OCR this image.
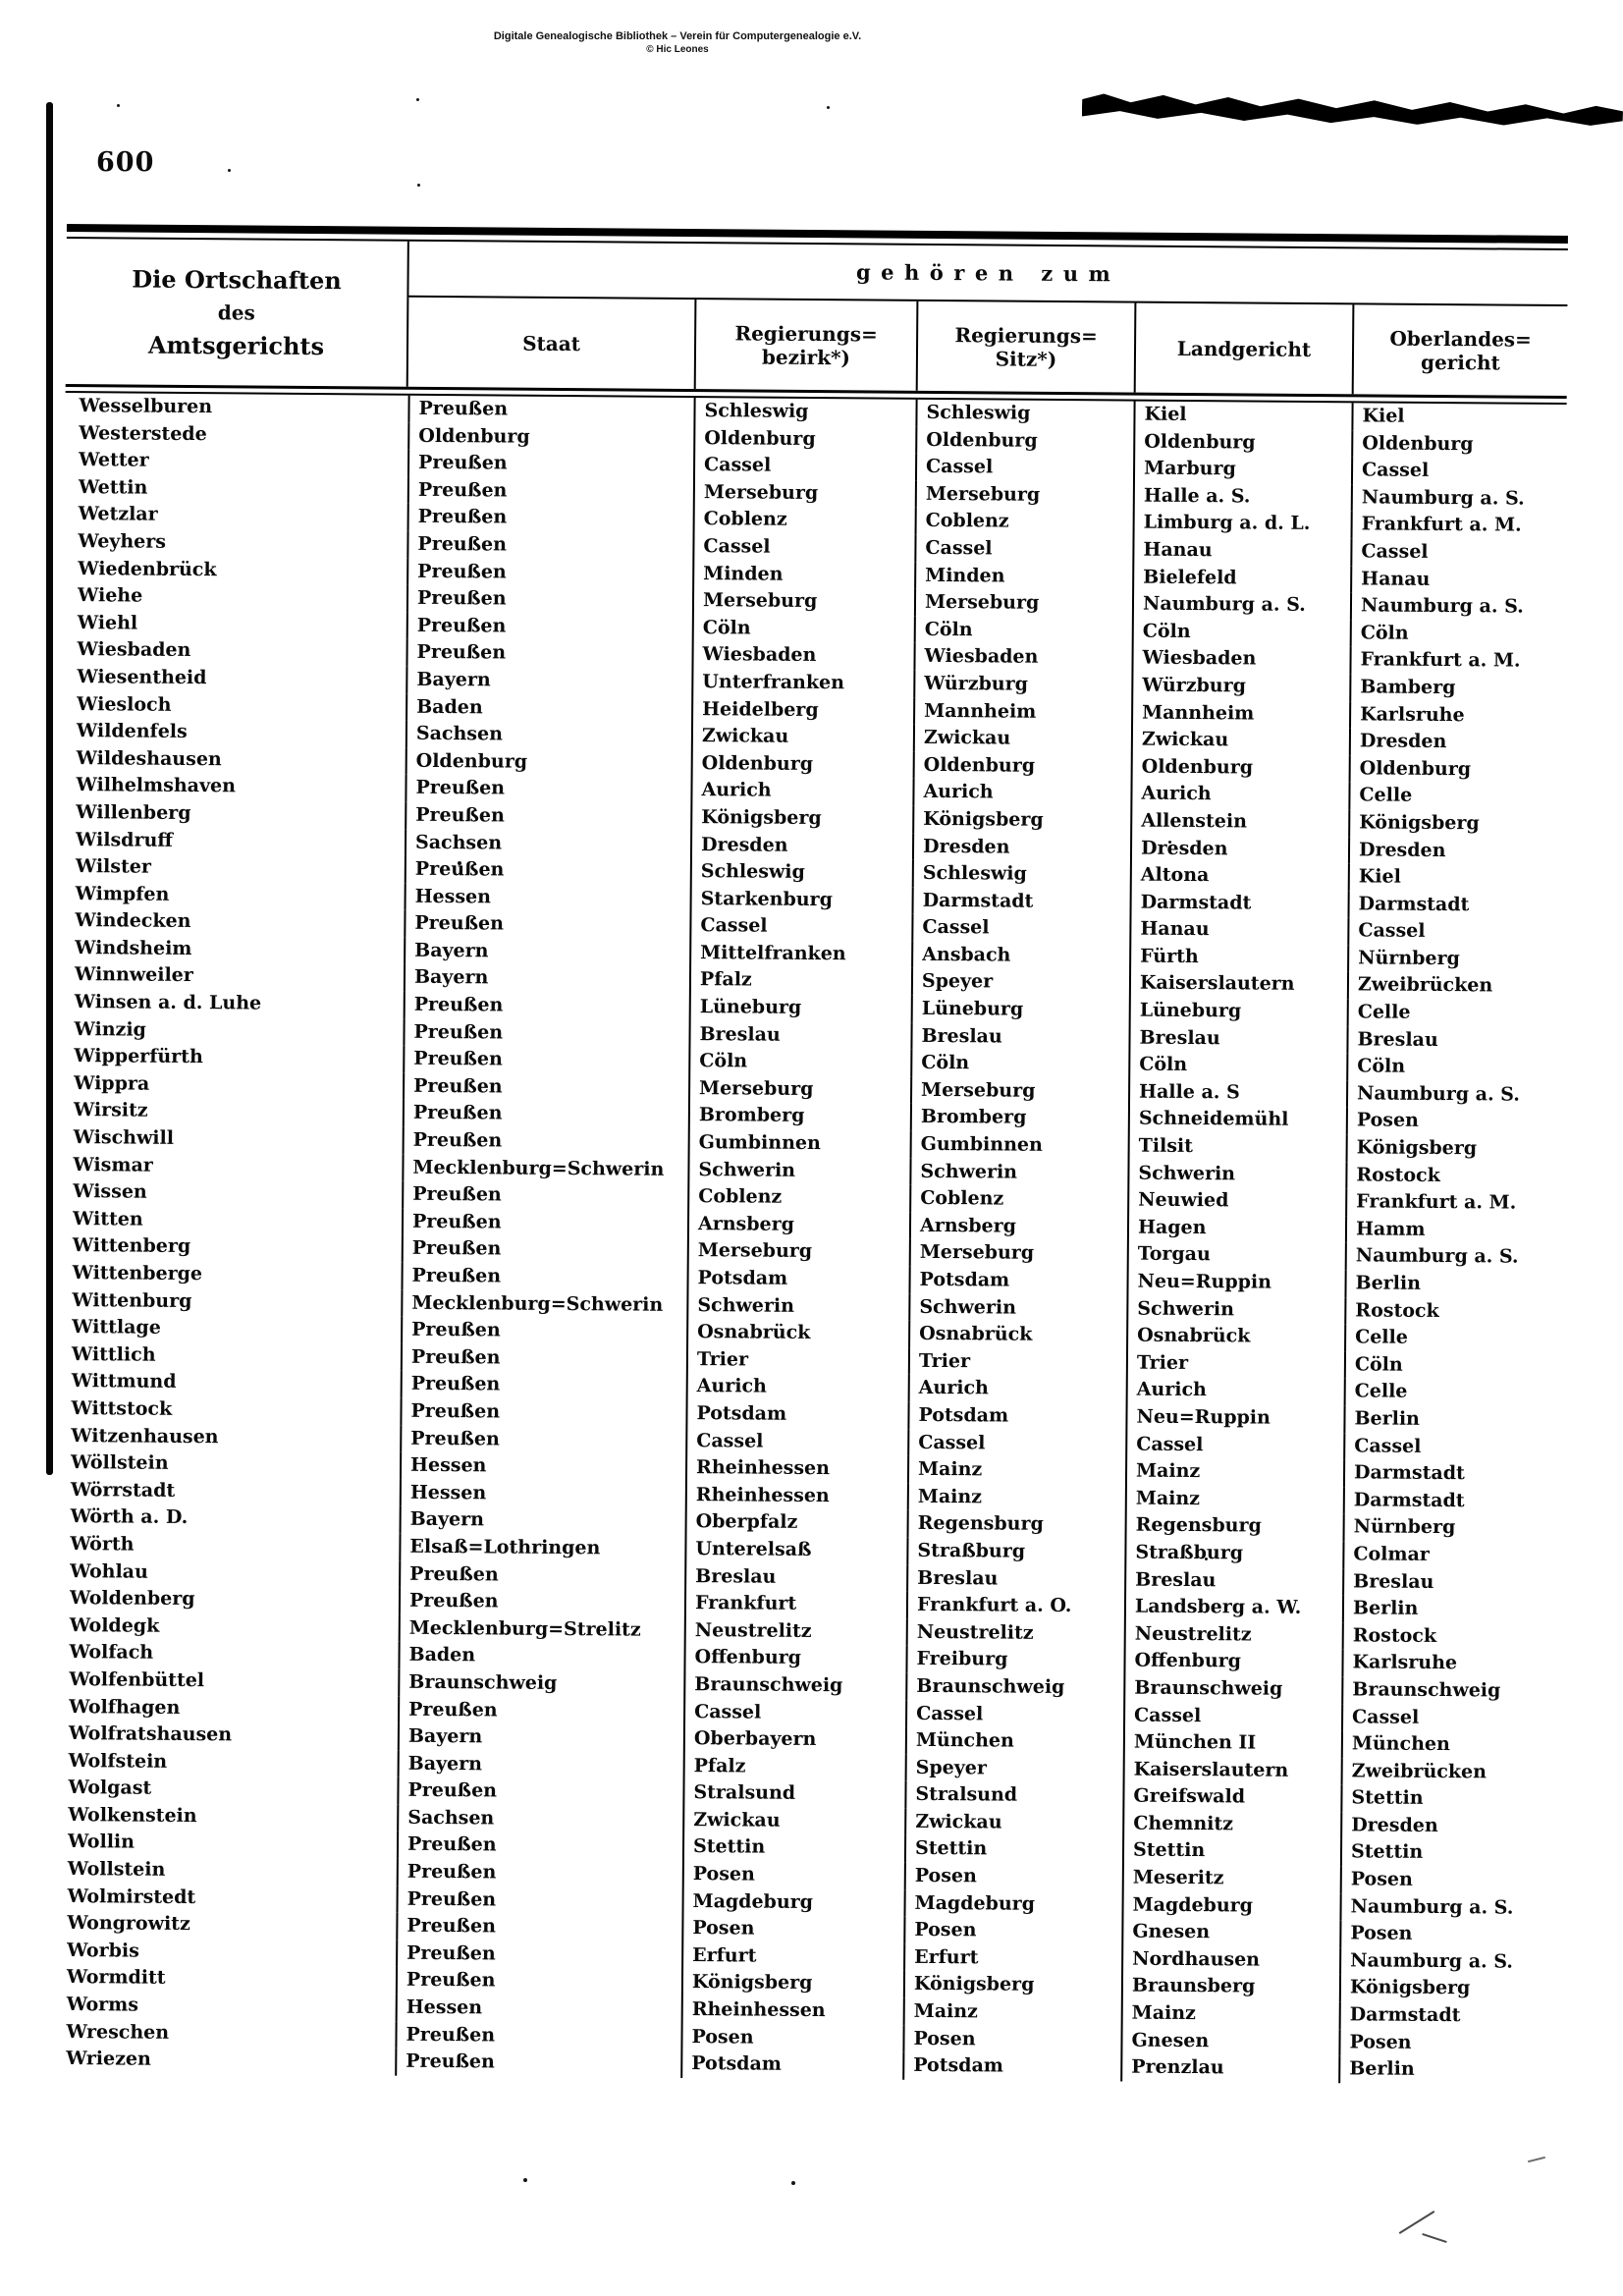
Digitale Genealogische Bibliothek – Verein für Computergenealogie e.V.
© Hic Leones
600
Die Ortschaften
des
Amtsgerichts
gehören zum
Staat	Regierungs=
bezirk*)
Regierungs=
Sitz*)	Landgericht	Oberlandes=
gericht
Wesselburen	Preußen	Schleswig	Schleswig	Kiel	Kiel
Westerstede	Oldenburg	Oldenburg	Oldenburg	Oldenburg	Oldenburg
Wetter	Preußen	Cassel	Cassel	Marburg	Cassel
Wettin	Preußen	Merseburg	Merseburg	Halle a. S.	Naumburg a. S.
Wetzlar	Preußen	Coblenz	Coblenz	Limburg a. d. L.	Frankfurt a. M.
Weyhers	Preußen	Cassel	Cassel	Hanau	Cassel
Wiedenbrück	Preußen	Minden	Minden	Bielefeld	Hanau
Wiehe	Preußen	Merseburg	Merseburg	Naumburg a. S.	Naumburg a. S.
Wiehl	Preußen	Cöln	Cöln	Cöln	Cöln
Wiesbaden	Preußen	Wiesbaden	Wiesbaden	Wiesbaden	Frankfurt a. M.
Wiesentheid	Bayern	Unterfranken	Würzburg	Würzburg	Bamberg
Wiesloch	Baden	Heidelberg	Mannheim	Mannheim	Karlsruhe
Wildenfels	Sachsen	Zwickau	Zwickau	Zwickau	Dresden
Wildeshausen	Oldenburg	Oldenburg	Oldenburg	Oldenburg	Oldenburg
Wilhelmshaven	Preußen	Aurich	Aurich	Aurich	Celle
Willenberg	Preußen	Königsberg	Königsberg	Allenstein	Königsberg
Wilsdruff	Sachsen	Dresden	Dresden	Dresden	Dresden
Wilster	Preußen	Schleswig	Schleswig	Altona	Kiel
Wimpfen	Hessen	Starkenburg	Darmstadt	Darmstadt	Darmstadt
Windecken	Preußen	Cassel	Cassel	Hanau	Cassel
Windsheim	Bayern	Mittelfranken	Ansbach	Fürth	Nürnberg
Winnweiler	Bayern	Pfalz	Speyer	Kaiserslautern	Zweibrücken
Winsen a. d. Luhe	Preußen	Lüneburg	Lüneburg	Lüneburg	Celle
Winzig	Preußen	Breslau	Breslau	Breslau	Breslau
Wipperfürth	Preußen	Cöln	Cöln	Cöln	Cöln
Wippra	Preußen	Merseburg	Merseburg	Halle a. S	Naumburg a. S.
Wirsitz	Preußen	Bromberg	Bromberg	Schneidemühl	Posen
Wischwill	Preußen	Gumbinnen	Gumbinnen	Tilsit	Königsberg
Wismar	Mecklenburg=Schwerin	Schwerin	Schwerin	Schwerin	Rostock
Wissen	Preußen	Coblenz	Coblenz	Neuwied	Frankfurt a. M.
Witten	Preußen	Arnsberg	Arnsberg	Hagen	Hamm
Wittenberg	Preußen	Merseburg	Merseburg	Torgau	Naumburg a. S.
Wittenberge	Preußen	Potsdam	Potsdam	Neu=Ruppin	Berlin
Wittenburg	Mecklenburg=Schwerin	Schwerin	Schwerin	Schwerin	Rostock
Wittlage	Preußen	Osnabrück	Osnabrück	Osnabrück	Celle
Wittlich	Preußen	Trier	Trier	Trier	Cöln
Wittmund	Preußen	Aurich	Aurich	Aurich	Celle
Wittstock	Preußen	Potsdam	Potsdam	Neu=Ruppin	Berlin
Witzenhausen	Preußen	Cassel	Cassel	Cassel	Cassel
Wöllstein	Hessen	Rheinhessen	Mainz	Mainz	Darmstadt
Wörrstadt	Hessen	Rheinhessen	Mainz	Mainz	Darmstadt
Wörth a. D.	Bayern	Oberpfalz	Regensburg	Regensburg	Nürnberg
Wörth	Elsaß=Lothringen	Unterelsaß	Straßburg	Straßburg	Colmar
Wohlau	Preußen	Breslau	Breslau	Breslau	Breslau
Woldenberg	Preußen	Frankfurt	Frankfurt a. O.	Landsberg a. W.	Berlin
Woldegk	Mecklenburg=Strelitz	Neustrelitz	Neustrelitz	Neustrelitz	Rostock
Wolfach	Baden	Offenburg	Freiburg	Offenburg	Karlsruhe
Wolfenbüttel	Braunschweig	Braunschweig	Braunschweig	Braunschweig	Braunschweig
Wolfhagen	Preußen	Cassel	Cassel	Cassel	Cassel
Wolfratshausen	Bayern	Oberbayern	München	München II	München
Wolfstein	Bayern	Pfalz	Speyer	Kaiserslautern	Zweibrücken
Wolgast	Preußen	Stralsund	Stralsund	Greifswald	Stettin
Wolkenstein	Sachsen	Zwickau	Zwickau	Chemnitz	Dresden
Wollin	Preußen	Stettin	Stettin	Stettin	Stettin
Wollstein	Preußen	Posen	Posen	Meseritz	Posen
Wolmirstedt	Preußen	Magdeburg	Magdeburg	Magdeburg	Naumburg a. S.
Wongrowitz	Preußen	Posen	Posen	Gnesen	Posen
Worbis	Preußen	Erfurt	Erfurt	Nordhausen	Naumburg a. S.
Wormditt	Preußen	Königsberg	Königsberg	Braunsberg	Königsberg
Worms	Hessen	Rheinhessen	Mainz	Mainz	Darmstadt
Wreschen	Preußen	Posen	Posen	Gnesen	Posen
Wriezen	Preußen	Potsdam	Potsdam	Prenzlau	Berlin
